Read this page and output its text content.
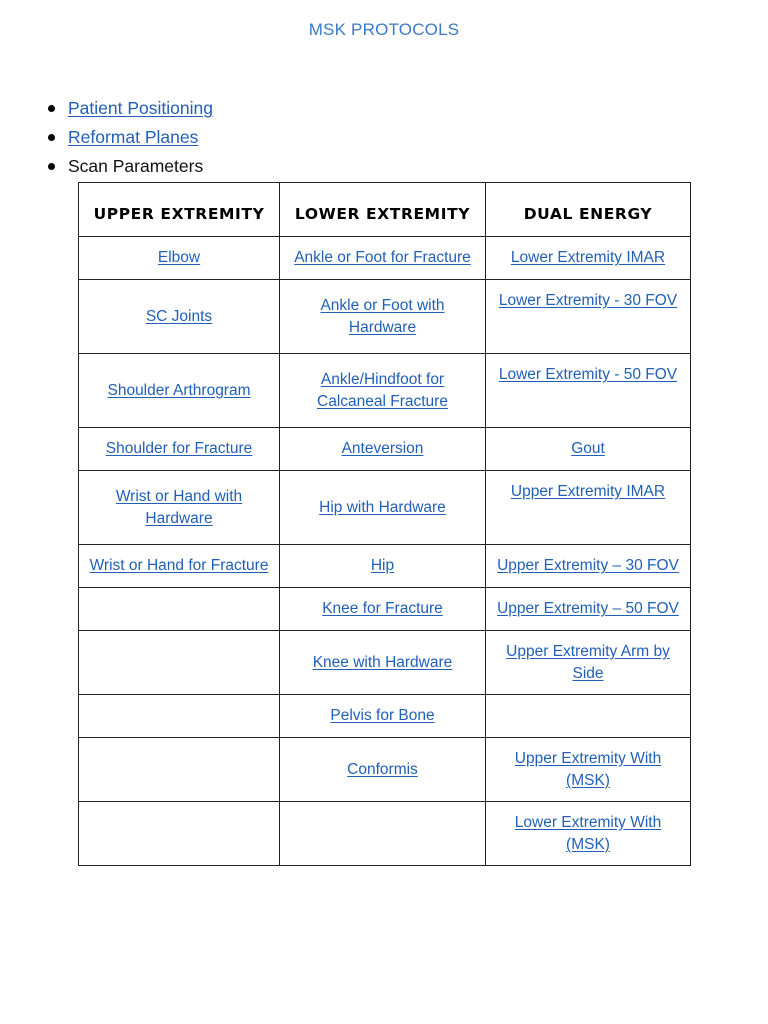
MSK PROTOCOLS
Patient Positioning
Reformat Planes
Scan Parameters
UPPER EXTREMITY	LOWER EXTREMITY	DUAL ENERGY
Elbow	Ankle or Foot for Fracture	Lower Extremity IMAR
SC Joints	Ankle or Foot with Hardware	Lower Extremity - 30 FOV
Shoulder Arthrogram	Ankle/Hindfoot for Calcaneal Fracture	Lower Extremity - 50 FOV
Shoulder for Fracture	Anteversion	Gout
Wrist or Hand with Hardware	Hip with Hardware	Upper Extremity IMAR
Wrist or Hand for Fracture	Hip	Upper Extremity – 30 FOV
	Knee for Fracture	Upper Extremity – 50 FOV
	Knee with Hardware	Upper Extremity Arm by Side
	Pelvis for Bone	
	Conformis	Upper Extremity With (MSK)
		Lower Extremity With (MSK)
